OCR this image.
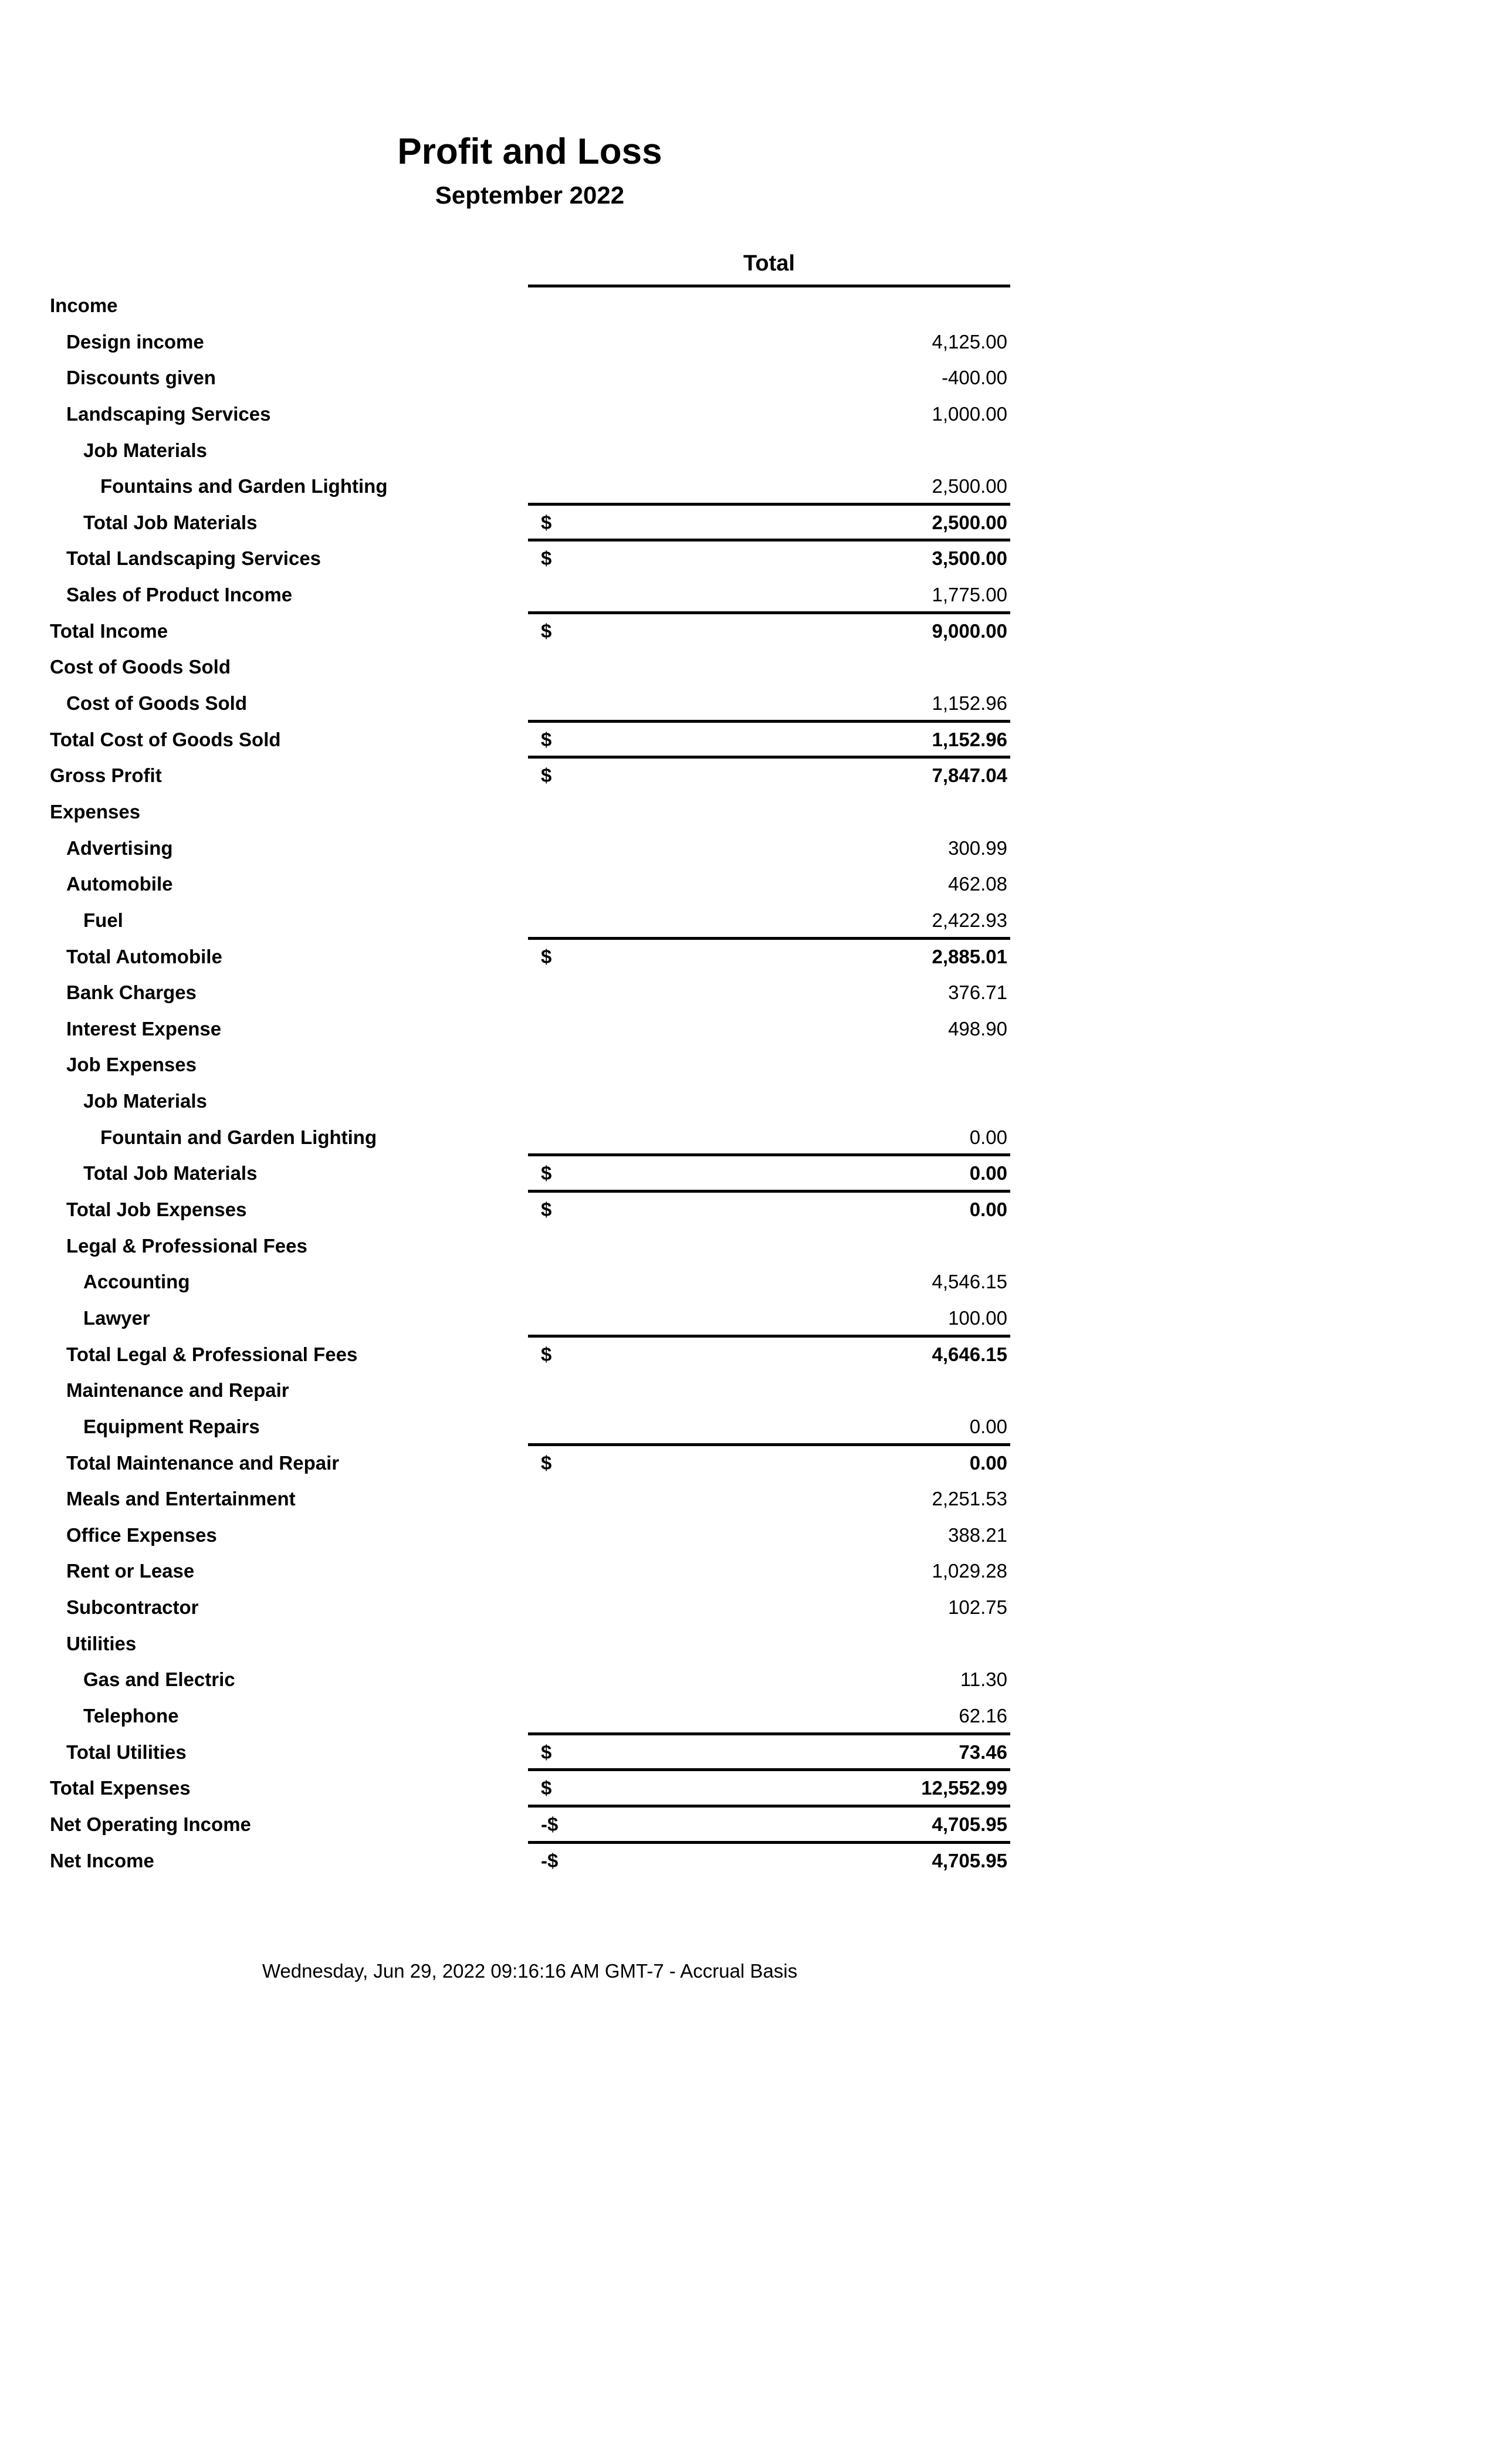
Profit and Loss
September 2022
Total
Income
Design income	4,125.00
Discounts given	-400.00
Landscaping Services	1,000.00
Job Materials
Fountains and Garden Lighting	2,500.00
Total Job Materials	$	2,500.00
Total Landscaping Services	$	3,500.00
Sales of Product Income	1,775.00
Total Income	$	9,000.00
Cost of Goods Sold
Cost of Goods Sold	1,152.96
Total Cost of Goods Sold	$	1,152.96
Gross Profit	$	7,847.04
Expenses
Advertising	300.99
Automobile	462.08
Fuel	2,422.93
Total Automobile	$	2,885.01
Bank Charges	376.71
Interest Expense	498.90
Job Expenses
Job Materials
Fountain and Garden Lighting	0.00
Total Job Materials	$	0.00
Total Job Expenses	$	0.00
Legal & Professional Fees
Accounting	4,546.15
Lawyer	100.00
Total Legal & Professional Fees	$	4,646.15
Maintenance and Repair
Equipment Repairs	0.00
Total Maintenance and Repair	$	0.00
Meals and Entertainment	2,251.53
Office Expenses	388.21
Rent or Lease	1,029.28
Subcontractor	102.75
Utilities
Gas and Electric	11.30
Telephone	62.16
Total Utilities	$	73.46
Total Expenses	$	12,552.99
Net Operating Income	-$	4,705.95
Net Income	-$	4,705.95
Wednesday, Jun 29, 2022 09:16:16 AM GMT-7 - Accrual Basis
